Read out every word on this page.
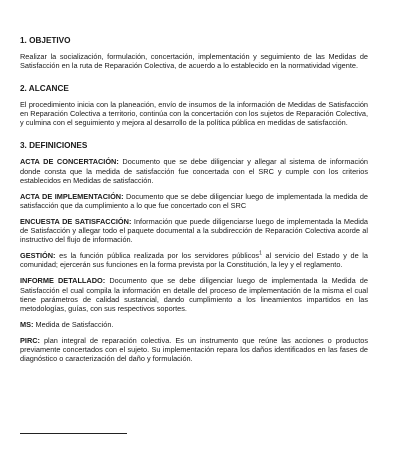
1. OBJETIVO

Realizar la socialización, formulación, concertación, implementación y seguimiento de las Medidas de Satisfacción en la ruta de Reparación Colectiva, de acuerdo a lo establecido en la normatividad vigente.

2. ALCANCE

El procedimiento inicia con la planeación, envío de insumos de la información de Medidas de Satisfacción en Reparación Colectiva a territorio, continúa con la concertación con los sujetos de Reparación Colectiva, y culmina con el seguimiento y mejora al desarrollo de la política pública en medidas de satisfacción.

3. DEFINICIONES

ACTA DE CONCERTACIÓN: Documento que se debe diligenciar y allegar al sistema de información donde consta que la medida de satisfacción fue concertada con el SRC y cumple con los criterios establecidos en Medidas de satisfacción.

ACTA DE IMPLEMENTACIÓN: Documento que se debe diligenciar luego de implementada la medida de satisfacción que da cumplimiento a lo que fue concertado con el SRC

ENCUESTA DE SATISFACCIÓN: Información que puede diligenciarse luego de implementada la Medida de Satisfacción y allegar todo el paquete documental a la subdirección de Reparación Colectiva acorde al instructivo del flujo de información.

GESTIÓN: es la función pública realizada por los servidores públicos$^1$ al servicio del Estado y de la comunidad; ejercerán sus funciones en la forma prevista por la Constitución, la ley y el reglamento.

INFORME DETALLADO: Documento que se debe diligenciar luego de implementada la Medida de Satisfacción el cual compila la información en detalle del proceso de implementación de la misma el cual tiene parámetros de calidad sustancial, dando cumplimiento a los lineamientos impartidos en las metodologías, guías, con sus respectivos soportes.

MS: Medida de Satisfacción.

PIRC: plan integral de reparación colectiva. Es un instrumento que reúne las acciones o productos previamente concertados con el sujeto. Su implementación repara los daños identificados en las fases de diagnóstico o caracterización del daño y formulación.
